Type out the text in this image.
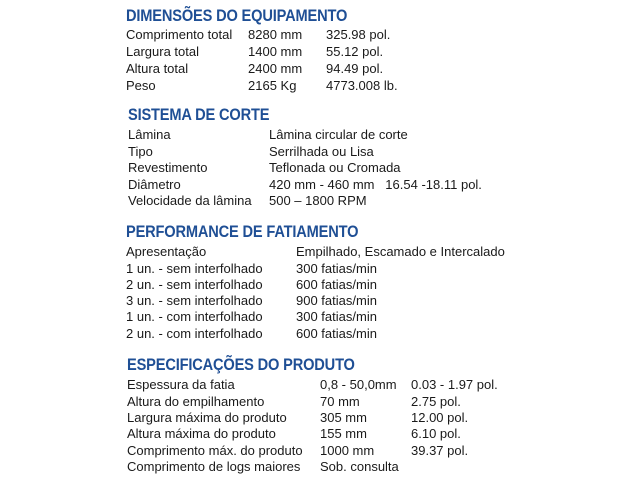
DIMENSÕES DO EQUIPAMENTO
Comprimento total 8280 mm 325.98 pol.
Largura total	1400 mm 55.12 pol.
Altura total	2400 mm 94.49 pol.
Peso	2165 Kg 4773.008 lb.
SISTEMA DE CORTE
Lâmina	Lâmina circular de corte
Tipo	Serrilhada ou Lisa
Revestimento	Teflonada ou Cromada
Diâmetro	420 mm - 460 mm   16.54 -18.11 pol.
Velocidade da lâmina 500 – 1800 RPM
PERFORMANCE DE FATIAMENTO
Apresentação	Empilhado, Escamado e Intercalado
1 un. - sem interfolhado	300 fatias/min
2 un. - sem interfolhado	600 fatias/min
3 un. - sem interfolhado	900 fatias/min
1 un. - com interfolhado	300 fatias/min
2 un. - com interfolhado	600 fatias/min
ESPECIFICAÇÕES DO PRODUTO
Espessura da fatia	0,8 - 50,0mm 0.03 - 1.97 pol.
Altura do empilhamento	70 mm	2.75 pol.
Largura máxima do produto	305 mm	12.00 pol.
Altura máxima do produto	155 mm	6.10 pol.
Comprimento máx. do produto 1000 mm	39.37 pol.
Comprimento de logs maiores Sob. consulta
